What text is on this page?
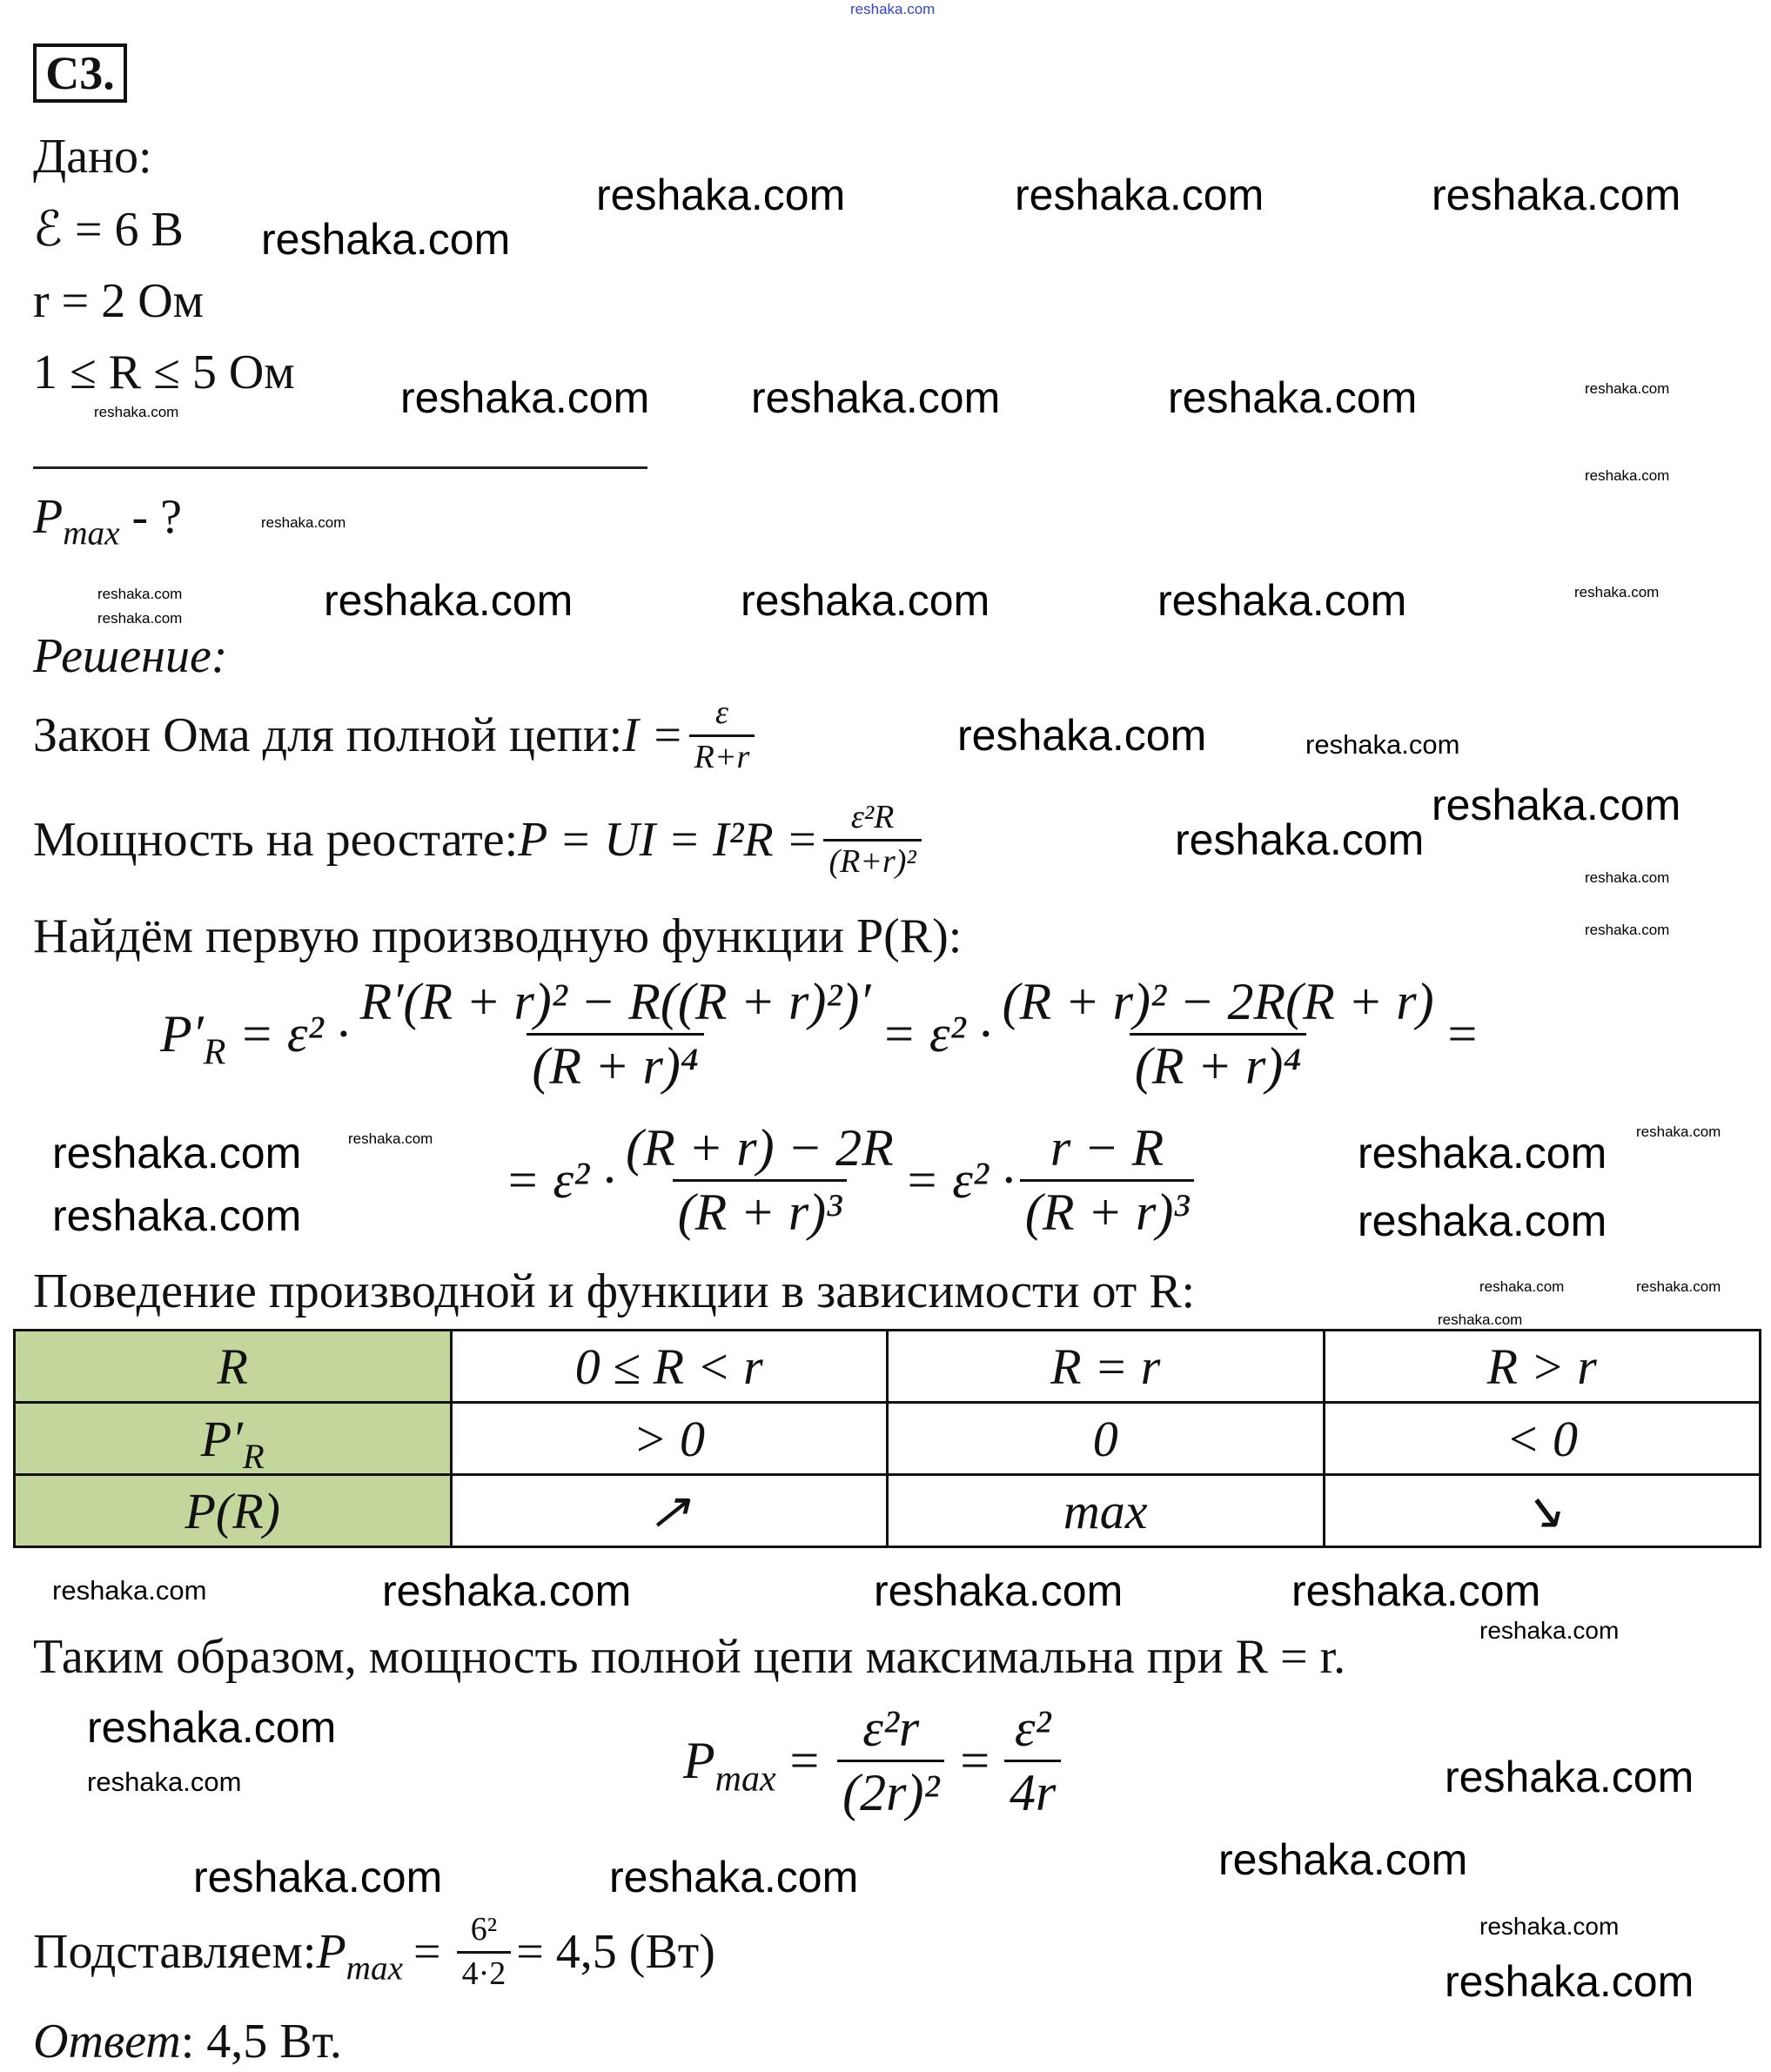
C3.
Дано:
ℰ = 6 В
r = 2 Ом
1 ≤ R ≤ 5 Ом
$P_{max}$ - ?
Решение:
Закон Ома для полной цепи: $I = \frac{\varepsilon}{R+r}$
Мощность на реостате: P = UI = $I^2R = \frac{\text{ε²R}}{\text{(R+r)²}}$
Найдём первую производную функции P(R):
$P'_R = \varepsilon^2 \cdot \frac{\text{R′(R + r)² − R((R + r)²)′}}{\text{(R + r)⁴}} = \varepsilon^2 \cdot \frac{\text{(R + r)² − 2R(R + r)}}{\text{(R + r)⁴}}$ =
= $\varepsilon^2 \cdot \frac{(R + r) - 2R}{\text{(R + r)³}} = \varepsilon^2 \cdot \frac{r - R}{\text{(R + r)³}}$
Поведение производной и функции в зависимости от R:
R	0 ≤ R < r	R = r	R > r
$P'_R$	> 0	0	< 0
P(R)	↗	max	↘
Таким образом, мощность полной цепи максимальна при R = r.
$P_{max} = \frac{\text{ε²r}}{\text{(2r)²}} = \frac{\text{ε²}}{4r}$
Подставляем: $P_{max} = \frac{\text{6²}}{4\cdot 2} = 4,5$ (Вт)
Ответ: 4,5 Вт.
reshaka.com
reshaka.com	reshaka.com	reshaka.com
reshaka.com
reshaka.com reshaka.com	reshaka.com
reshaka.com	reshaka.com	reshaka.com
reshaka.com
reshaka.com
reshaka.com
reshaka.com
reshaka.com
reshaka.com
reshaka.com
reshaka.com	reshaka.com	reshaka.com
reshaka.com
reshaka.com
reshaka.com
reshaka.com	reshaka.com
reshaka.com
reshaka.com
reshaka.com
reshaka.com
reshaka.com
reshaka.com
reshaka.com
reshaka.com
reshaka.com
reshaka.com
reshaka.com
reshaka.com
reshaka.com
reshaka.com
reshaka.com
reshaka.com
reshaka.com
reshaka.com
reshaka.com
reshaka.com
